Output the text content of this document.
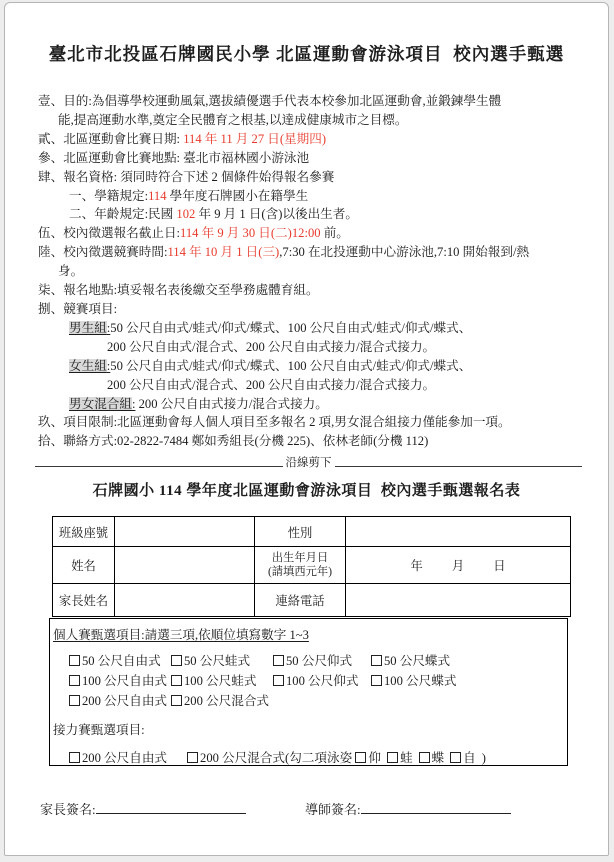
臺北市北投區石牌國民小學 北區運動會游泳項目  校內選手甄選
壹、目的:為倡導學校運動風氣,選拔績優選手代表本校參加北區運動會,並鍛鍊學生體
能,提高運動水準,奠定全民體育之根基,以達成健康城市之目標。
貳、北區運動會比賽日期: 114 年 11 月 27 日(星期四)
參、北區運動會比賽地點: 臺北市福林國小游泳池
肆、報名資格: 須同時符合下述 2 個條件始得報名參賽
一、學籍規定:114 學年度石牌國小在籍學生
二、年齡規定:民國 102 年 9 月 1 日(含)以後出生者。
伍、校內徵選報名截止日:114 年 9 月 30 日(二)12:00 前。
陸、校內徵選競賽時間:114 年 10 月 1 日(三),7:30 在北投運動中心游泳池,7:10 開始報到/熱
身。
柒、報名地點:填妥報名表後繳交至學務處體育組。
捌、競賽項目:
男生組:50 公尺自由式/蛙式/仰式/蝶式、100 公尺自由式/蛙式/仰式/蝶式、
200 公尺自由式/混合式、200 公尺自由式接力/混合式接力。
女生組:50 公尺自由式/蛙式/仰式/蝶式、100 公尺自由式/蛙式/仰式/蝶式、
200 公尺自由式/混合式、200 公尺自由式接力/混合式接力。
男女混合組: 200 公尺自由式接力/混合式接力。
玖、項目限制:北區運動會每人個人項目至多報名 2 項,男女混合組接力僅能參加一項。
拾、聯絡方式:02-2822-7484 鄭如秀組長(分機 225)、依林老師(分機 112)
沿線剪下
石牌國小 114 學年度北區運動會游泳項目  校內選手甄選報名表
班級座號		性別	
姓名		出生年月日
(請填西元年)	年 月 日
家長姓名		連絡電話	
個人賽甄選項目:請選三項,依順位填寫數字 1~3
50 公尺自由式 50 公尺蛙式	50 公尺仰式	50 公尺蝶式
100 公尺自由式 100 公尺蛙式 100 公尺仰式 100 公尺蝶式
200 公尺自由式 200 公尺混合式
接力賽甄選項目:
200 公尺自由式	200 公尺混合式(勾二項泳姿 仰 蛙 蝶 自 )
家長簽名:	導師簽名:
